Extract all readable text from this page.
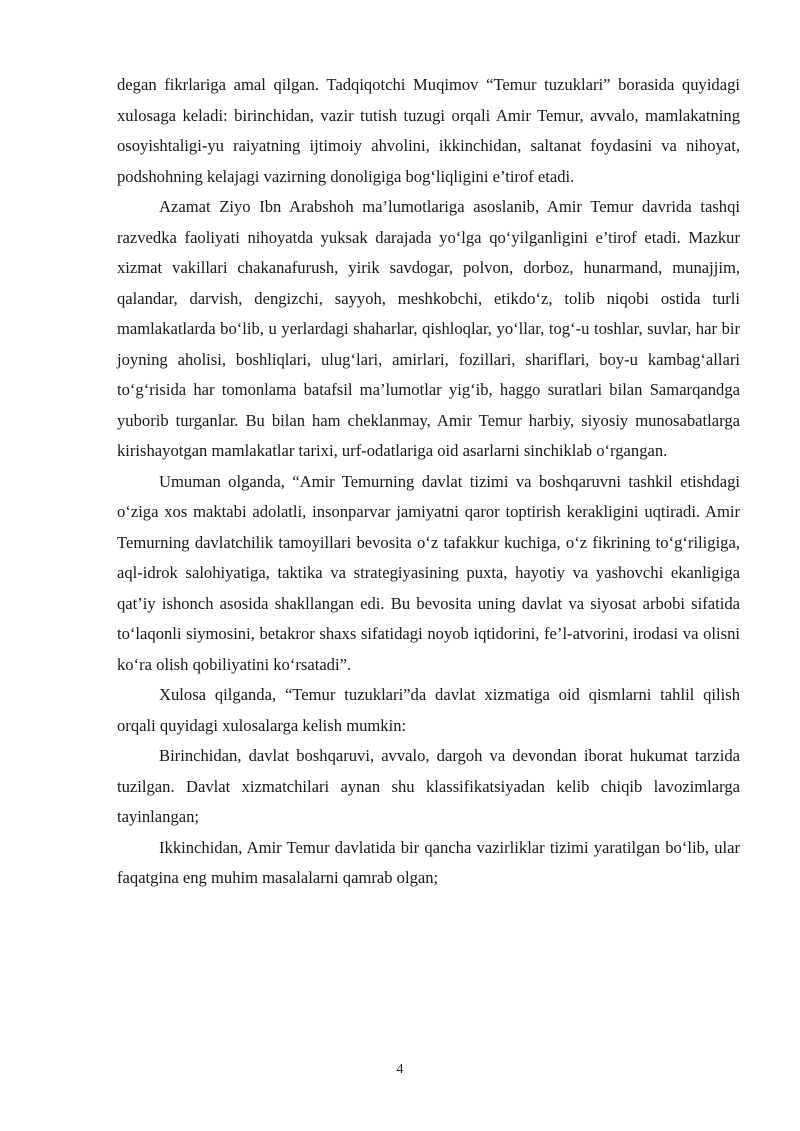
degan fikrlariga amal qilgan. Tadqiqotchi Muqimov “Temur tuzuklari” borasida quyidagi xulosaga keladi: birinchidan, vazir tutish tuzugi orqali Amir Temur, avvalo, mamlakatning osoyishtaligi-yu raiyatning ijtimoiy ahvolini, ikkinchidan, saltanat foydasini va nihoyat, podshohning kelajagi vazirning donoligiga bog‘liqligini e’tirof etadi.

Azamat Ziyo Ibn Arabshoh ma’lumotlariga asoslanib, Amir Temur davrida tashqi razvedka faoliyati nihoyatda yuksak darajada yo‘lga qo‘yilganligini e’tirof etadi. Mazkur xizmat vakillari chakanafurush, yirik savdogar, polvon, dorboz, hunarmand, munajjim, qalandar, darvish, dengizchi, sayyoh, meshkobchi, etikdo‘z, tolib niqobi ostida turli mamlakatlarda bo‘lib, u yerlardagi shaharlar, qishloqlar, yo‘llar, tog‘-u toshlar, suvlar, har bir joyning aholisi, boshliqlari, ulug‘lari, amirlari, fozillari, shariflari, boy-u kambag‘allari to‘g‘risida har tomonlama batafsil ma’lumotlar yig‘ib, haggo suratlari bilan Samarqandga yuborib turganlar. Bu bilan ham cheklanmay, Amir Temur harbiy, siyosiy munosabatlarga kirishayotgan mamlakatlar tarixi, urf-odatlariga oid asarlarni sinchiklab o‘rgangan.

Umuman olganda, “Amir Temurning davlat tizimi va boshqaruvni tashkil etishdagi o‘ziga xos maktabi adolatli, insonparvar jamiyatni qaror toptirish kerakligini uqtiradi. Amir Temurning davlatchilik tamoyillari bevosita o‘z tafakkur kuchiga, o‘z fikrining to‘g‘riligiga, aql-idrok salohiyatiga, taktika va strategiyasining puxta, hayotiy va yashovchi ekanligiga qat’iy ishonch asosida shakllangan edi. Bu bevosita uning davlat va siyosat arbobi sifatida to‘laqonli siymosini, betakror shaxs sifatidagi noyob iqtidorini, fe’l-atvorini, irodasi va olisni ko‘ra olish qobiliyatini ko‘rsatadi”.

Xulosa qilganda, “Temur tuzuklari”da davlat xizmatiga oid qismlarni tahlil qilish orqali quyidagi xulosalarga kelish mumkin:

Birinchidan, davlat boshqaruvi, avvalo, dargoh va devondan iborat hukumat tarzida tuzilgan. Davlat xizmatchilari aynan shu klassifikatsiyadan kelib chiqib lavozimlarga tayinlangan;

Ikkinchidan, Amir Temur davlatida bir qancha vazirliklar tizimi yaratilgan bo‘lib, ular faqatgina eng muhim masalalarni qamrab olgan;

4
